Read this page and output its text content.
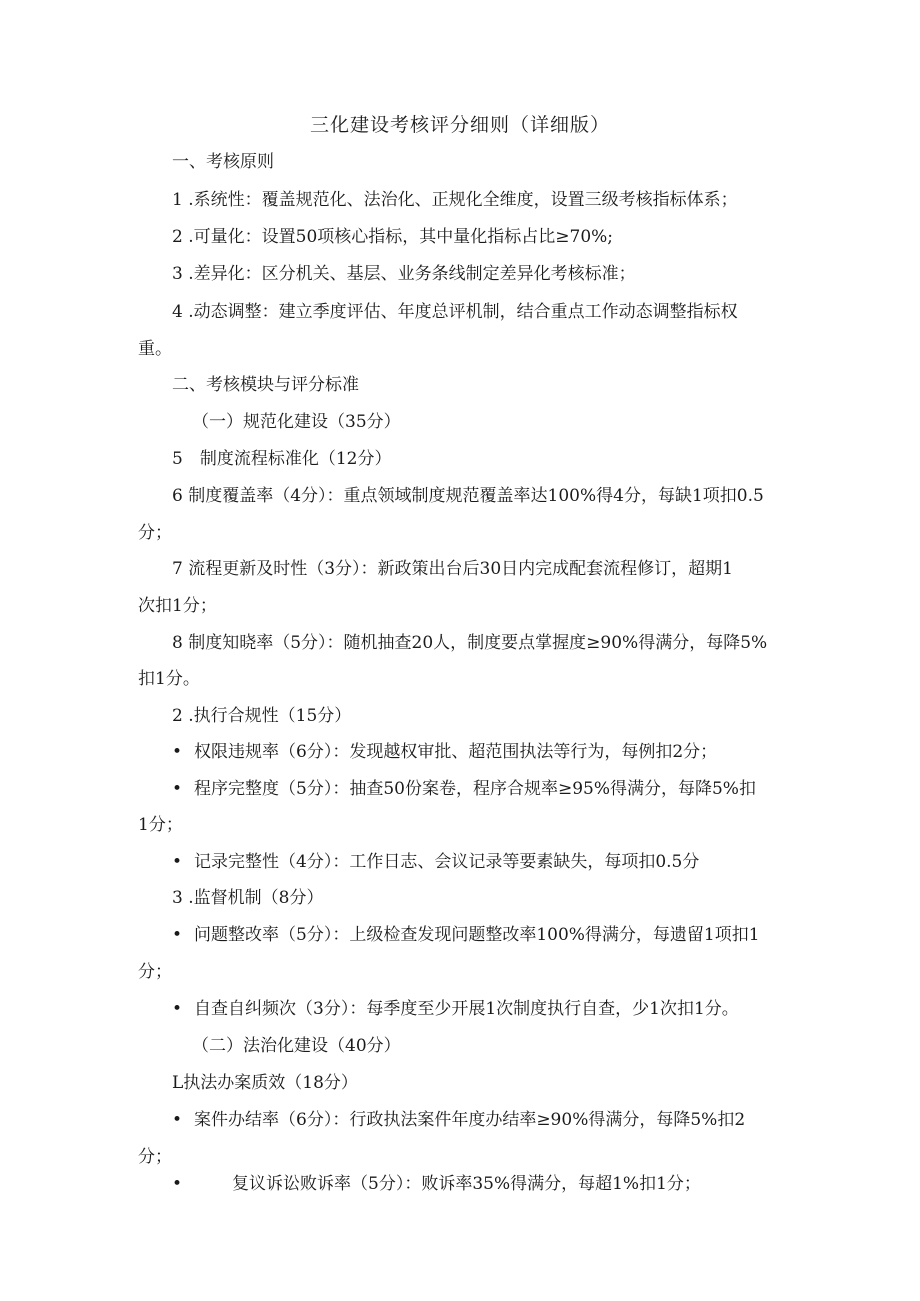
三化建设考核评分细则（详细版）
一、考核原则
1 .系统性：覆盖规范化、法治化、正规化全维度，设置三级考核指标体系；
2 .可量化：设置50项核心指标，其中量化指标占比≥70%;
3 .差异化：区分机关、基层、业务条线制定差异化考核标准；
4 .动态调整：建立季度评估、年度总评机制，结合重点工作动态调整指标权
重。
二、考核模块与评分标准
（一）规范化建设（35分）
5　制度流程标准化（12分）
6 制度覆盖率（4分）：重点领域制度规范覆盖率达100%得4分，每缺1项扣0.5
分；
7 流程更新及时性（3分）：新政策出台后30日内完成配套流程修订，超期1
次扣1分；
8 制度知晓率（5分）：随机抽查20人，制度要点掌握度≥90%得满分，每降5%
扣1分。
2 .执行合规性（15分）
• 权限违规率（6分）：发现越权审批、超范围执法等行为，每例扣2分；
• 程序完整度（5分）：抽查50份案卷，程序合规率≥95%得满分，每降5%扣
1分；
• 记录完整性（4分）：工作日志、会议记录等要素缺失，每项扣0.5分
3 .监督机制（8分）
• 问题整改率（5分）：上级检查发现问题整改率100%得满分，每遗留1项扣1
分；
• 自查自纠频次（3分）：每季度至少开展1次制度执行自查，少1次扣1分。
（二）法治化建设（40分）
L执法办案质效（18分）
• 案件办结率（6分）：行政执法案件年度办结率≥90%得满分，每降5%扣2
分；
•	复议诉讼败诉率（5分）：败诉率35%得满分，每超1%扣1分；
